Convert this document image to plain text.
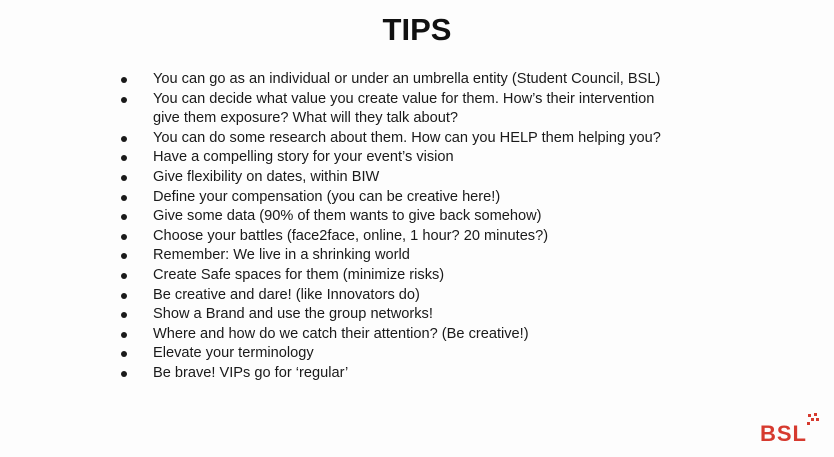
TIPS
You can go as an individual or under an umbrella entity (Student Council, BSL)
You can decide what value you create value for them. How’s their intervention
give them exposure? What will they talk about?
You can do some research about them. How can you HELP them helping you?
Have a compelling story for your event’s vision
Give flexibility on dates, within BIW
Define your compensation (you can be creative here!)
Give some data (90% of them wants to give back somehow)
Choose your battles (face2face, online, 1 hour? 20 minutes?)
Remember: We live in a shrinking world
Create Safe spaces for them (minimize risks)
Be creative and dare! (like Innovators do)
Show a Brand and use the group networks!
Where and how do we catch their attention? (Be creative!)
Elevate your terminology
Be brave! VIPs go for ‘regular’
BSL
